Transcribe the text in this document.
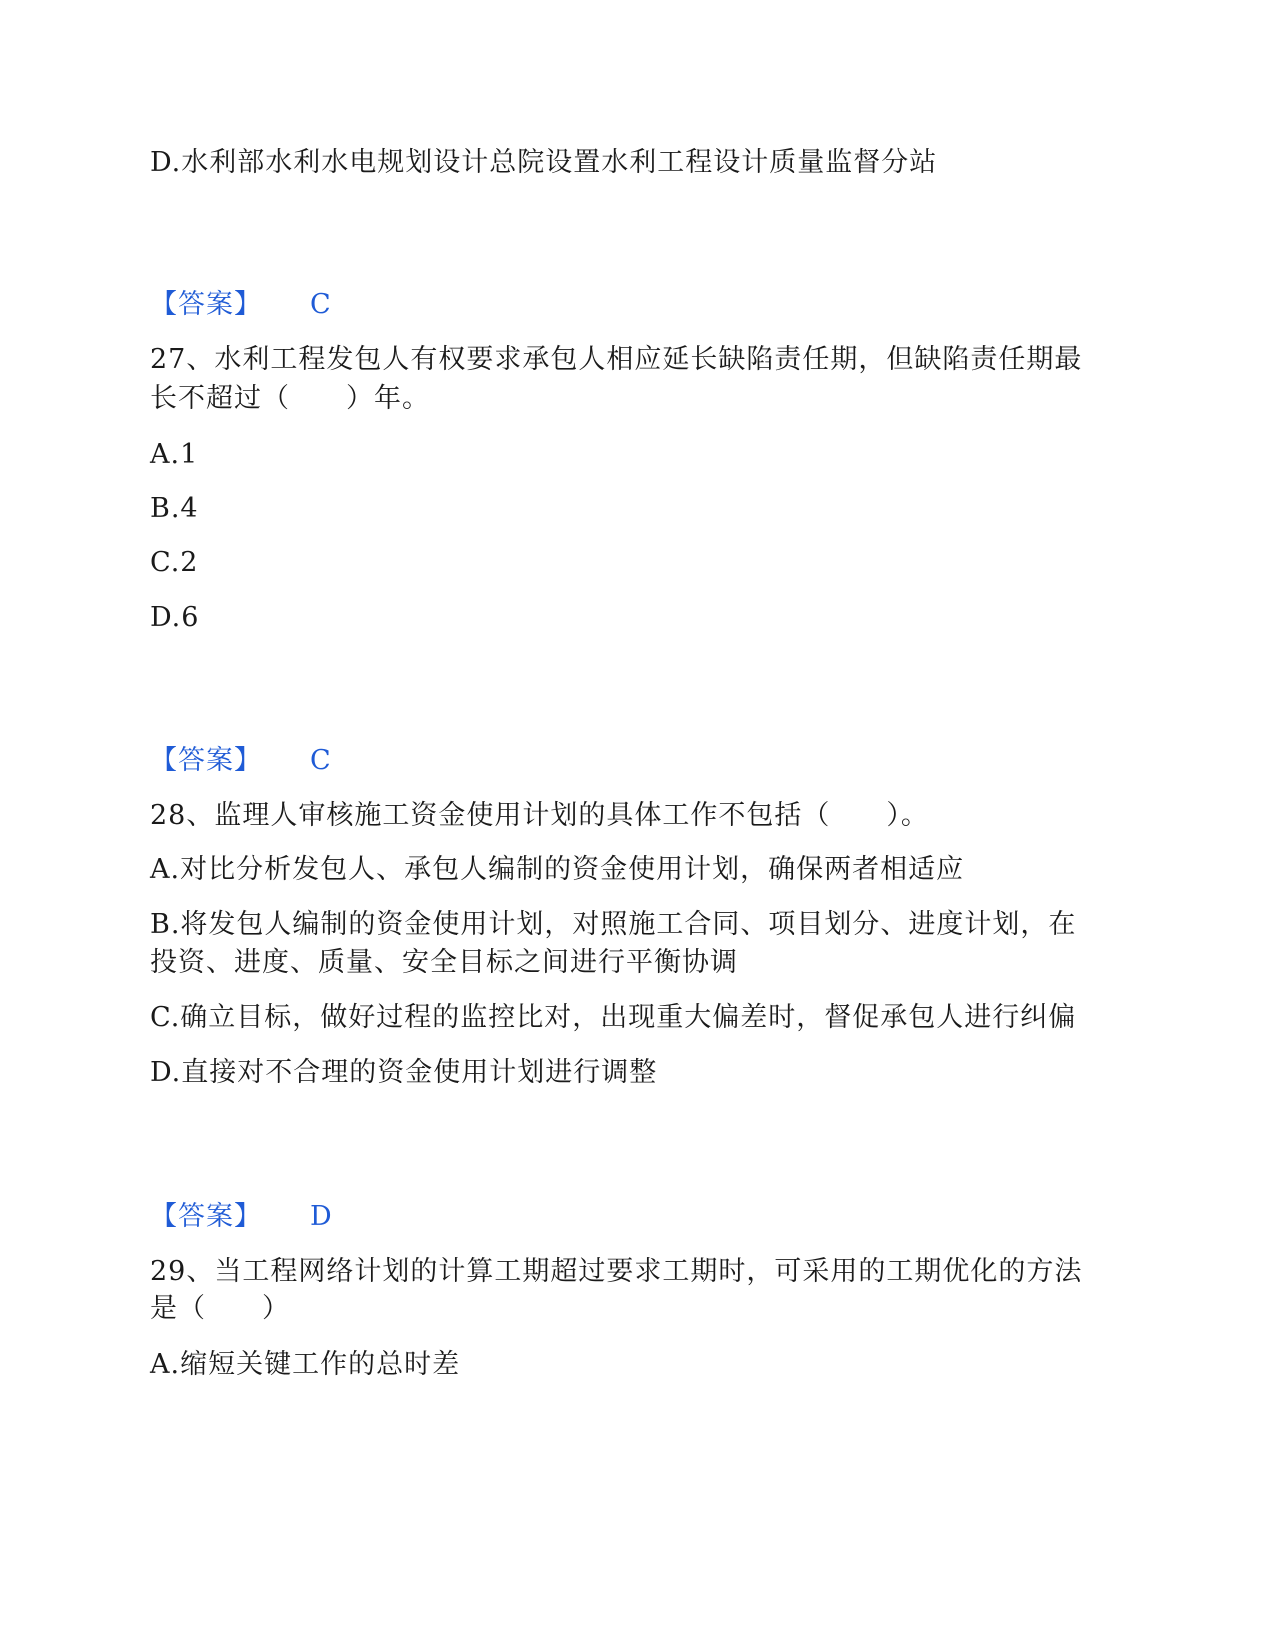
D.水利部水利水电规划设计总院设置水利工程设计质量监督分站
【答案】 C
27、水利工程发包人有权要求承包人相应延长缺陷责任期，但缺陷责任期最
长不超过（　　）年。
A.1
B.4
C.2
D.6
【答案】 C
28、监理人审核施工资金使用计划的具体工作不包括（　　）。
A.对比分析发包人、承包人编制的资金使用计划，确保两者相适应
B.将发包人编制的资金使用计划，对照施工合同、项目划分、进度计划，在
投资、进度、质量、安全目标之间进行平衡协调
C.确立目标，做好过程的监控比对，出现重大偏差时，督促承包人进行纠偏
D.直接对不合理的资金使用计划进行调整
【答案】 D
29、当工程网络计划的计算工期超过要求工期时，可采用的工期优化的方法
是（　　）
A.缩短关键工作的总时差
